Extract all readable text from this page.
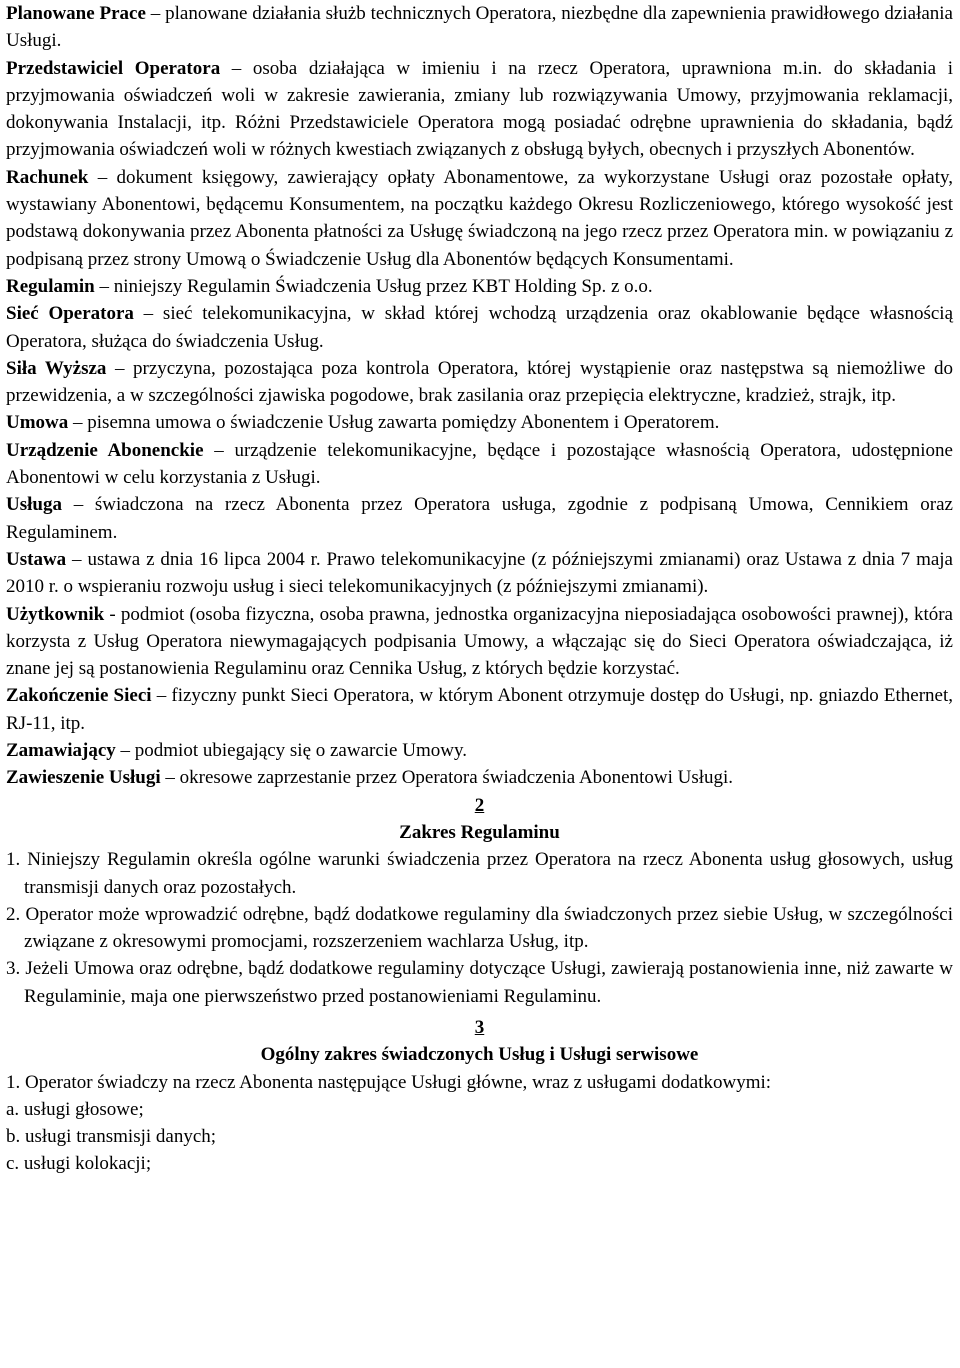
Planowane Prace – planowane działania służb technicznych Operatora, niezbędne dla zapewnienia prawidłowego działania Usługi.

Przedstawiciel Operatora – osoba działająca w imieniu i na rzecz Operatora, uprawniona m.in. do składania i przyjmowania oświadczeń woli w zakresie zawierania, zmiany lub rozwiązywania Umowy, przyjmowania reklamacji, dokonywania Instalacji, itp. Różni Przedstawiciele Operatora mogą posiadać odrębne uprawnienia do składania, bądź przyjmowania oświadczeń woli w różnych kwestiach związanych z obsługą byłych, obecnych i przyszłych Abonentów.

Rachunek – dokument księgowy, zawierający opłaty Abonamentowe, za wykorzystane Usługi oraz pozostałe opłaty, wystawiany Abonentowi, będącemu Konsumentem, na początku każdego Okresu Rozliczeniowego, którego wysokość jest podstawą dokonywania przez Abonenta płatności za Usługę świadczoną na jego rzecz przez Operatora min. w powiązaniu z podpisaną przez strony Umową o Świadczenie Usług dla Abonentów będących Konsumentami.

Regulamin – niniejszy Regulamin Świadczenia Usług przez KBT Holding Sp. z o.o.

Sieć Operatora – sieć telekomunikacyjna, w skład której wchodzą urządzenia oraz okablowanie będące własnością Operatora, służąca do świadczenia Usług.

Siła Wyższa – przyczyna, pozostająca poza kontrola Operatora, której wystąpienie oraz następstwa są niemożliwe do przewidzenia, a w szczególności zjawiska pogodowe, brak zasilania oraz przepięcia elektryczne, kradzież, strajk, itp.

Umowa – pisemna umowa o świadczenie Usług zawarta pomiędzy Abonentem i Operatorem.

Urządzenie Abonenckie – urządzenie telekomunikacyjne, będące i pozostające własnością Operatora, udostępnione Abonentowi w celu korzystania z Usługi.

Usługa – świadczona na rzecz Abonenta przez Operatora usługa, zgodnie z podpisaną Umowa, Cennikiem oraz Regulaminem.

Ustawa – ustawa z dnia 16 lipca 2004 r. Prawo telekomunikacyjne (z późniejszymi zmianami) oraz Ustawa z dnia 7 maja 2010 r. o wspieraniu rozwoju usług i sieci telekomunikacyjnych (z późniejszymi zmianami).

Użytkownik - podmiot (osoba fizyczna, osoba prawna, jednostka organizacyjna nieposiadająca osobowości prawnej), która korzysta z Usług Operatora niewymagających podpisania Umowy, a włączając się do Sieci Operatora oświadczająca, iż znane jej są postanowienia Regulaminu oraz Cennika Usług, z których będzie korzystać.

Zakończenie Sieci – fizyczny punkt Sieci Operatora, w którym Abonent otrzymuje dostęp do Usługi, np. gniazdo Ethernet, RJ-11, itp.

Zamawiający – podmiot ubiegający się o zawarcie Umowy.

Zawieszenie Usługi – okresowe zaprzestanie przez Operatora świadczenia Abonentowi Usługi.

2
Zakres Regulaminu

1. Niniejszy Regulamin określa ogólne warunki świadczenia przez Operatora na rzecz Abonenta usług głosowych, usług transmisji danych oraz pozostałych.

2. Operator może wprowadzić odrębne, bądź dodatkowe regulaminy dla świadczonych przez siebie Usług, w szczególności związane z okresowymi promocjami, rozszerzeniem wachlarza Usług, itp.

3. Jeżeli Umowa oraz odrębne, bądź dodatkowe regulaminy dotyczące Usługi, zawierają postanowienia inne, niż zawarte w Regulaminie, maja one pierwszeństwo przed postanowieniami Regulaminu.

3
Ogólny zakres świadczonych Usług i Usługi serwisowe

1. Operator świadczy na rzecz Abonenta następujące Usługi główne, wraz z usługami dodatkowymi:

a. usługi głosowe;

b. usługi transmisji danych;

c. usługi kolokacji;
